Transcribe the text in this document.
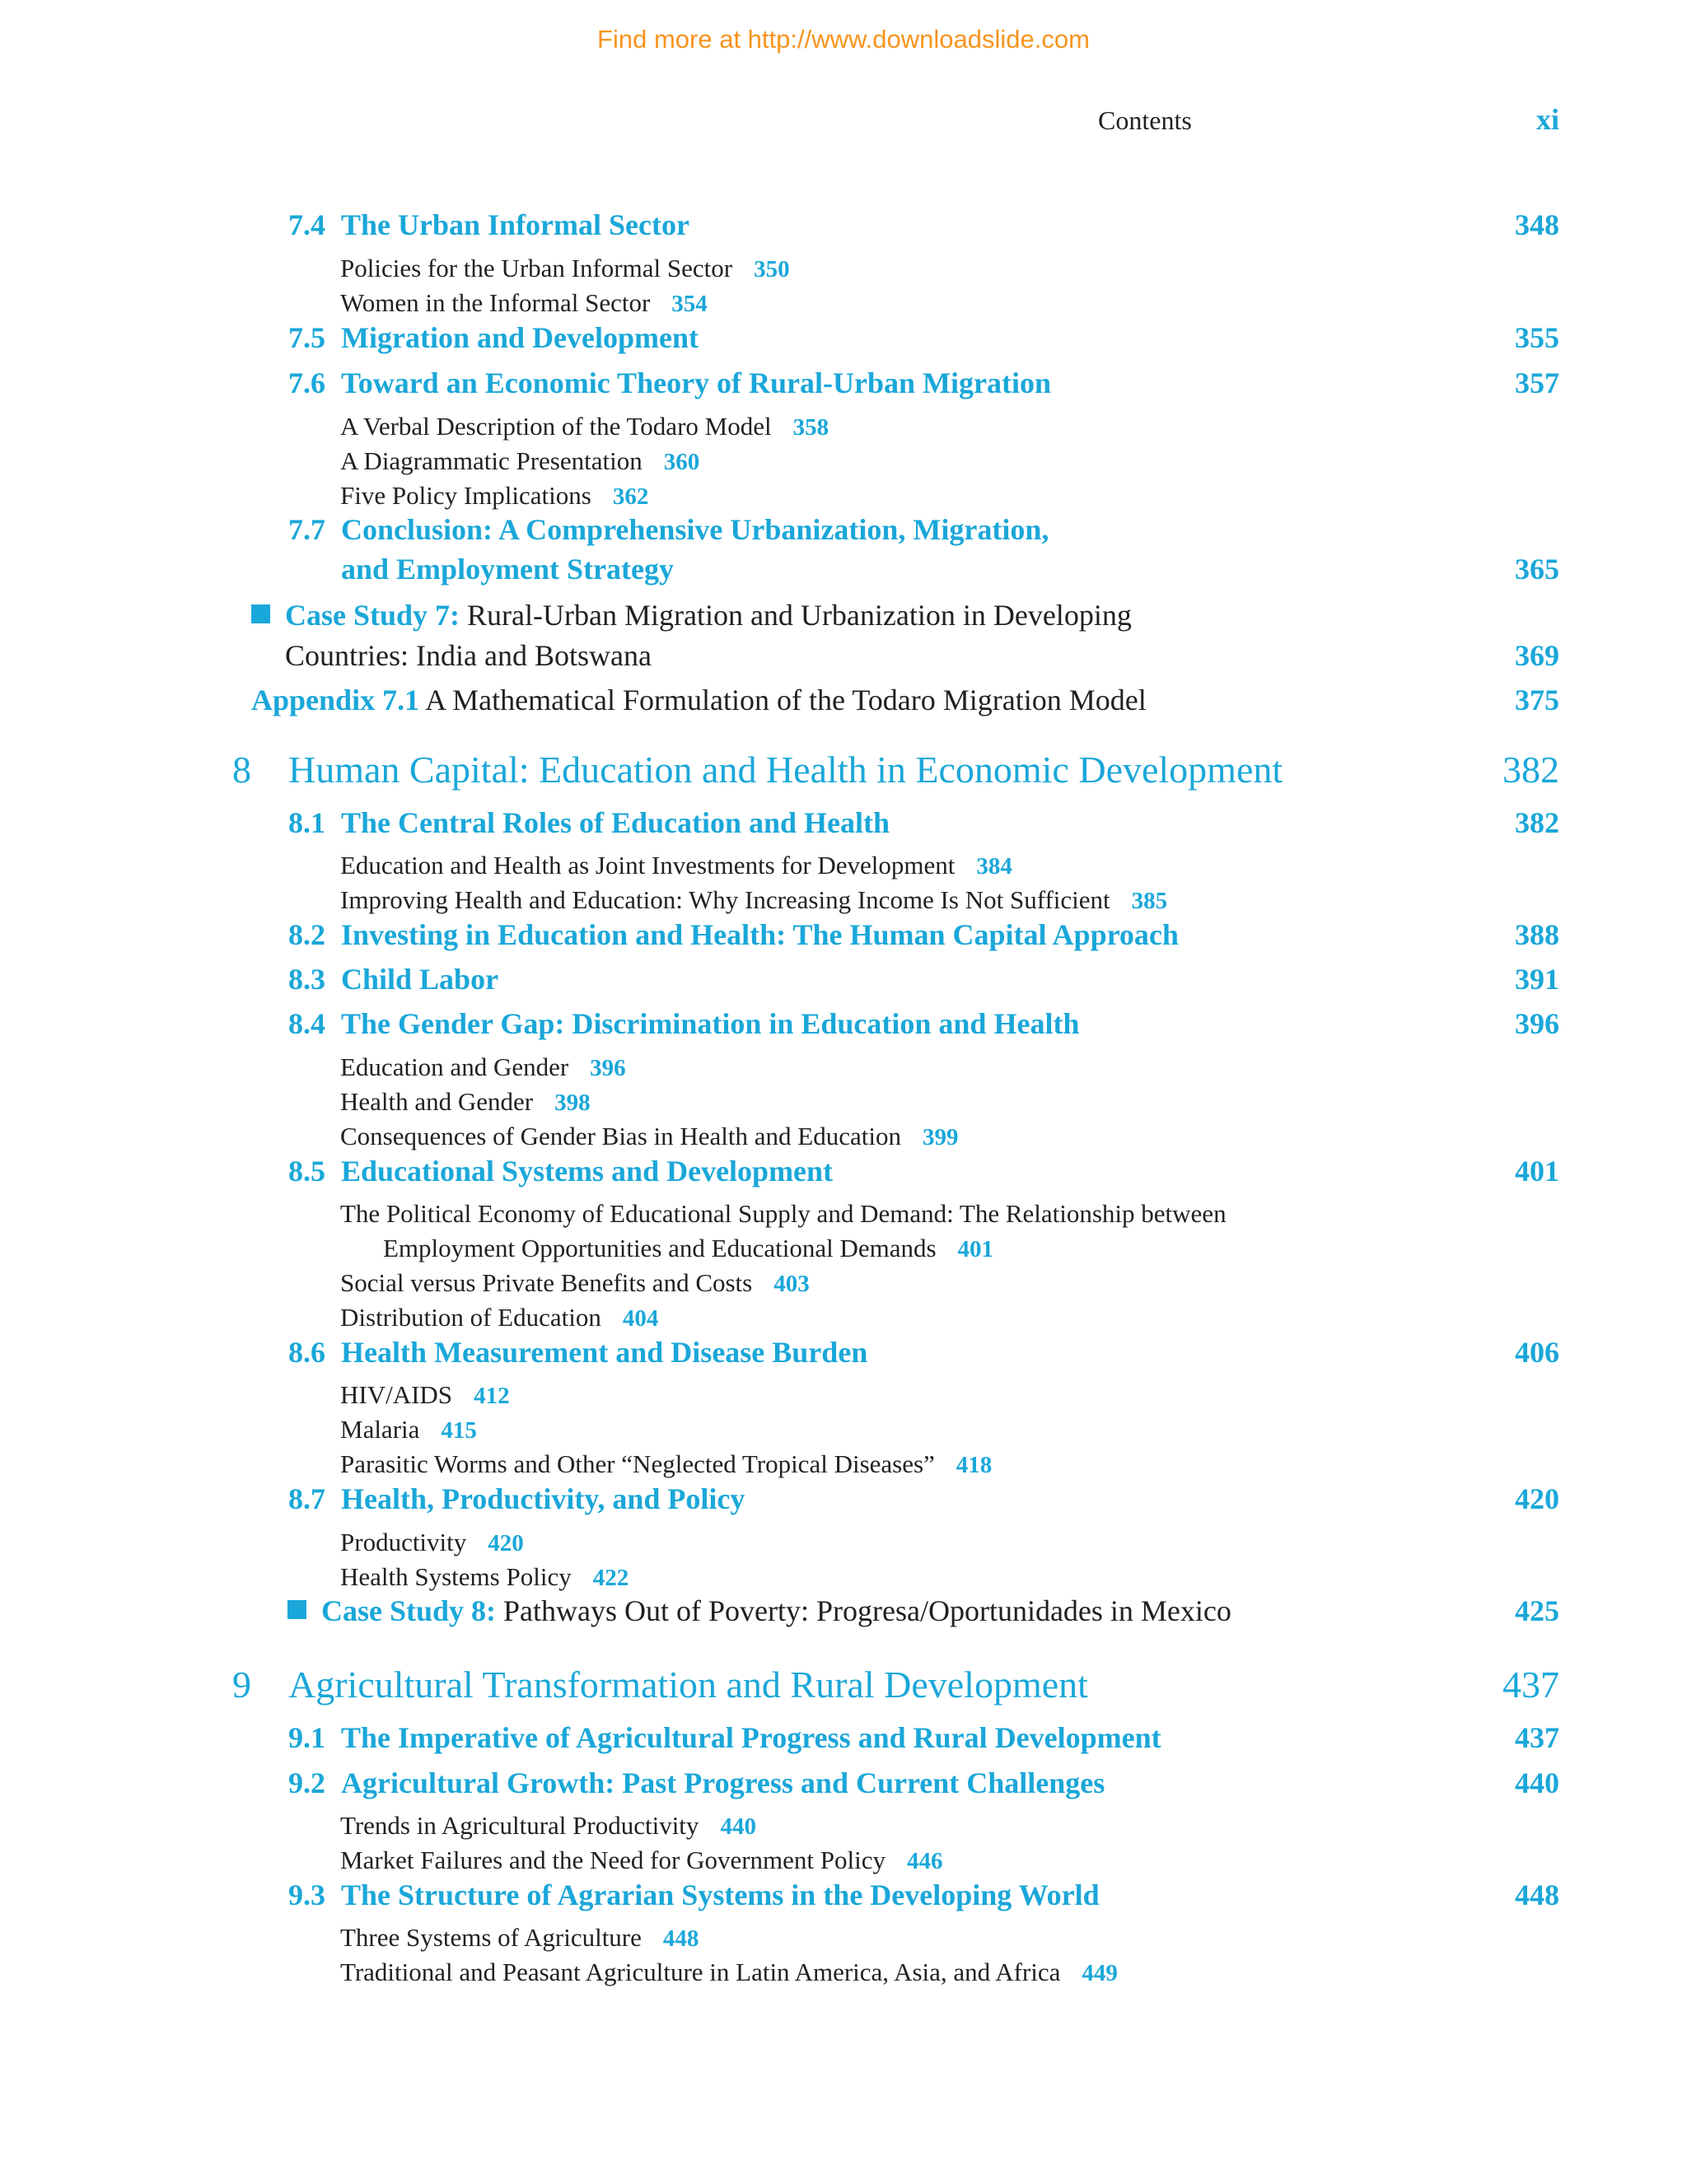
Find more at http://www.downloadslide.com
Contents	xi
7.4 The Urban Informal Sector	348
Policies for the Urban Informal Sector 350
Women in the Informal Sector 354
7.5 Migration and Development	355
7.6 Toward an Economic Theory of Rural-Urban Migration	357
A Verbal Description of the Todaro Model 358
A Diagrammatic Presentation 360
Five Policy Implications 362
7.7 Conclusion: A Comprehensive Urbanization, Migration,
and Employment Strategy	365
Case Study 7: Rural-Urban Migration and Urbanization in Developing
Countries: India and Botswana	369
Appendix 7.1 A Mathematical Formulation of the Todaro Migration Model	375
8 Human Capital: Education and Health in Economic Development	382
8.1 The Central Roles of Education and Health	382
Education and Health as Joint Investments for Development 384
Improving Health and Education: Why Increasing Income Is Not Sufficient 385
8.2 Investing in Education and Health: The Human Capital Approach	388
8.3 Child Labor	391
8.4 The Gender Gap: Discrimination in Education and Health	396
Education and Gender 396
Health and Gender 398
Consequences of Gender Bias in Health and Education 399
8.5 Educational Systems and Development	401
The Political Economy of Educational Supply and Demand: The Relationship between
Employment Opportunities and Educational Demands 401
Social versus Private Benefits and Costs 403
Distribution of Education 404
8.6 Health Measurement and Disease Burden	406
HIV/AIDS 412
Malaria 415
Parasitic Worms and Other “Neglected Tropical Diseases” 418
8.7 Health, Productivity, and Policy	420
Productivity 420
Health Systems Policy 422
Case Study 8: Pathways Out of Poverty: Progresa/Oportunidades in Mexico	425
9 Agricultural Transformation and Rural Development	437
9.1 The Imperative of Agricultural Progress and Rural Development	437
9.2 Agricultural Growth: Past Progress and Current Challenges	440
Trends in Agricultural Productivity 440
Market Failures and the Need for Government Policy 446
9.3 The Structure of Agrarian Systems in the Developing World	448
Three Systems of Agriculture 448
Traditional and Peasant Agriculture in Latin America, Asia, and Africa 449
